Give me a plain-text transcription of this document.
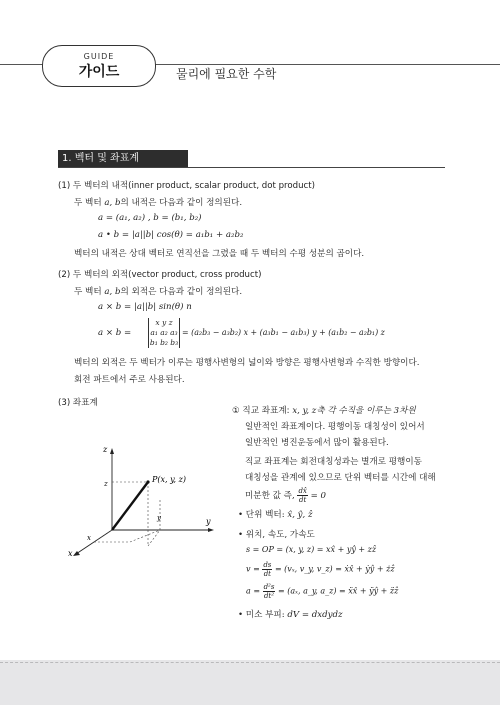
GUIDE
가이드	물리에 필요한 수학
1. 벡터 및 좌표계
(1) 두 벡터의 내적(inner product, scalar product, dot product)
두 벡터 a, b의 내적은 다음과 같이 정의된다.
a = (a₁, a₂) , b = (b₁, b₂)
a • b = |a||b| cos(θ) = a₁b₁ + a₂b₂
벡터의 내적은 상대 벡터로 연직선을 그렸을 때 두 벡터의 수평 성분의 곱이다.
(2) 두 벡터의 외적(vector product, cross product)
두 벡터 a, b의 외적은 다음과 같이 정의된다.
a × b = |a||b| sin(θ) n
a × b =
x y z
a₁ a₂ a₃
b₁ b₂ b₃
= (a₂b₃ − a₃b₂) x + (a₃b₁ − a₁b₃) y + (a₁b₂ − a₂b₁) z
벡터의 외적은 두 벡터가 이루는 평행사변형의 넓이와 방향은 평행사변형과 수직한 방향이다.
회전 파트에서 주로 사용된다.
(3) 좌표계
① 직교 좌표계: x, y, z축 각 수직을 이루는 3차원
일반적인 좌표계이다. 평행이동 대칭성이 있어서
일반적인 병진운동에서 많이 활용된다.
직교 좌표계는 회전대칭성과는 별개로 평행이동
대칭성을 관계에 있으므로 단위 벡터를 시간에 대해
미분한 값 즉, $\frac{dx̂}{dt} = 0$
• 단위 벡터: x̂, ŷ, ẑ
• 위치, 속도, 가속도
s = OP = (x, y, z) = xx̂ + yŷ + zẑ
$v = \frac{ds}{dt} = (v_x$, v_y, v_z) = ẋx̂ + ẏŷ + żẑ
$a = \frac{\text{d²s}}{\text{dt²}} = (a_x$, a_y, a_z) = ẍx̂ + ÿŷ + z̈ẑ
• 미소 부피: dV = dxdydz
z
y
x
P(x, y, z)
z
y
x
